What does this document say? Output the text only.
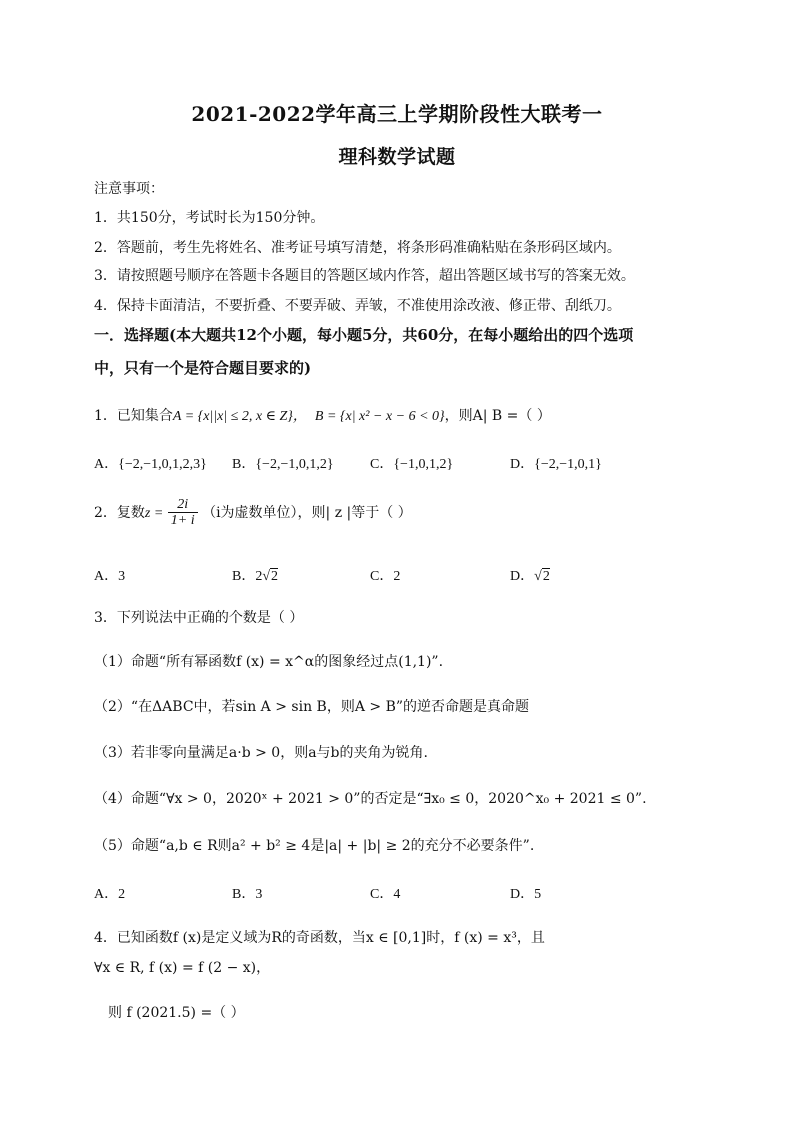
2021-2022学年高三上学期阶段性大联考一
理科数学试题
注意事项：
1．共150分，考试时长为150分钟。
2．答题前，考生先将姓名、准考证号填写清楚，将条形码准确粘贴在条形码区域内。
3．请按照题号顺序在答题卡各题目的答题区域内作答，超出答题区域书写的答案无效。
4．保持卡面清洁，不要折叠、不要弄破、弄皱，不准使用涂改液、修正带、刮纸刀。
一．选择题(本大题共12个小题，每小题5分，共60分，在每小题给出的四个选项
中，只有一个是符合题目要求的)
1．已知集合A = {x||x| ≤ 2, x ∈ Z}， B = {x| x² − x − 6 < 0}，则A| B =（ ）
A．{−2,−1,0,1,2,3} B．{−2,−1,0,1,2}	C．{−1,0,1,2}	D．{−2,−1,0,1}
2．复数$z = \frac{2i}{1+ i} (i$为虚数单位），则| z |等于（ ）
A．3	B．2√2	C．2	D．√2
3．下列说法中正确的个数是（ ）
（1）命题“所有幂函数f (x) = x^α的图象经过点(1,1)”.
（2）“在ΔABC中，若sin A > sin B，则A > B”的逆否命题是真命题
（3）若非零向量满足a·b > 0，则a与b的夹角为锐角.
（4）命题“∀x > 0，2020ˣ + 2021 > 0”的否定是“∃x₀ ≤ 0，2020^x₀ + 2021 ≤ 0”.
（5）命题“a,b ∈ R则a² + b² ≥ 4是|a| + |b| ≥ 2的充分不必要条件”.
A．2	B．3	C．4	D．5
4．已知函数f (x)是定义域为R的奇函数，当x ∈ [0,1]时，f (x) = x³，且
∀x ∈ R, f (x) = f (2 − x)，
则 f (2021.5) =（ ）
